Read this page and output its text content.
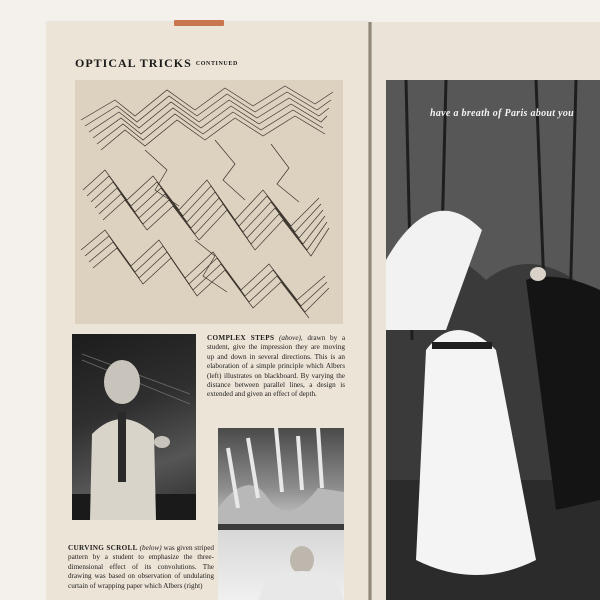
OPTICAL TRICKS CONTINUED
COMPLEX STEPS (above), drawn by a student, give the impression they are moving up and down in several directions. This is an elaboration of a simple principle which Albers (left) illustrates on blackboard. By varying the distance between parallel lines, a design is extended and given an effect of depth.
CURVING SCROLL (below) was given striped pattern by a student to emphasize the three-dimensional effect of its convolutions. The drawing was based on observation of undulating curtain of wrapping paper which Albers (right)
have a breath of Paris about you
